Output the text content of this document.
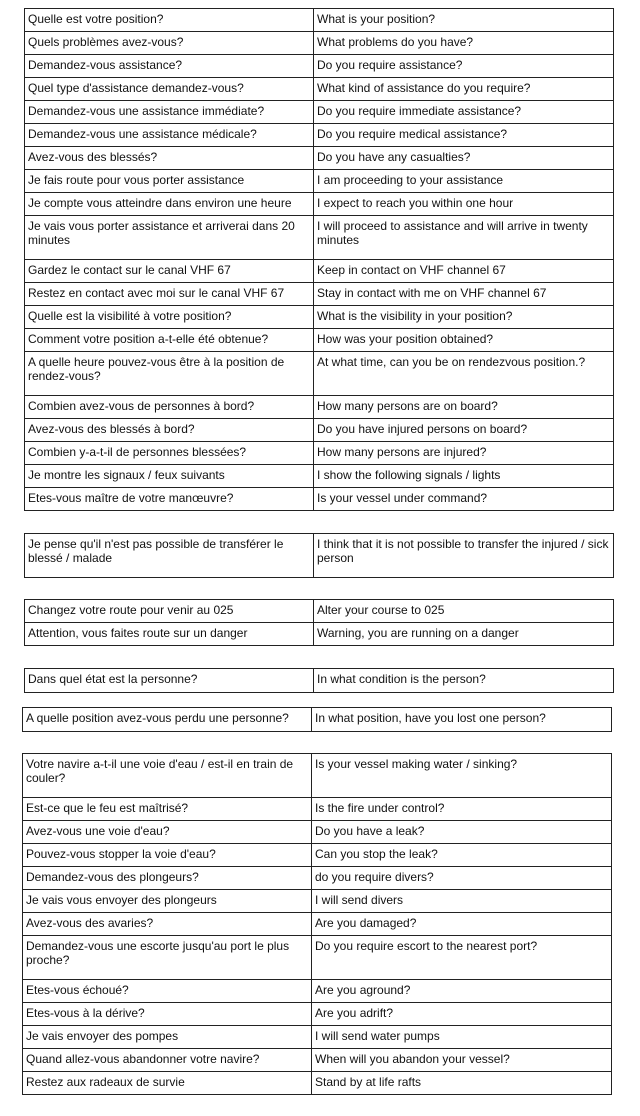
Quelle est votre position?	What is your position?
Quels problèmes avez-vous?	What problems do you have?
Demandez-vous assistance?	Do you require assistance?
Quel type d'assistance demandez-vous?	What kind of assistance do you require?
Demandez-vous une assistance immédiate?	Do you require immediate assistance?
Demandez-vous une assistance médicale?	Do you require medical assistance?
Avez-vous des blessés?	Do you have any casualties?
Je fais route pour vous porter assistance	I am proceeding to your assistance
Je compte vous atteindre dans environ une heure	I expect to reach you within one hour
Je vais vous porter assistance et arriverai dans 20 minutes	I will proceed to assistance and will arrive in twenty minutes
Gardez le contact sur le canal VHF 67	Keep in contact on VHF channel 67
Restez en contact avec moi sur le canal VHF 67	Stay in contact with me on VHF channel 67
Quelle est la visibilité à votre position?	What is the visibility in your position?
Comment votre position a-t-elle été obtenue?	How was your position obtained?
A quelle heure pouvez-vous être à la position de rendez-vous?	At what time, can you be on rendezvous position.?
Combien avez-vous de personnes à bord?	How many persons are on board?
Avez-vous des blessés à bord?	Do you have injured persons on board?
Combien y-a-t-il de personnes blessées?	How many persons are injured?
Je montre les signaux / feux suivants	I show the following signals / lights
Etes-vous maître de votre manœuvre?	Is your vessel under command?
Je pense qu'il n'est pas possible de transférer le blessé / malade	I think that it is not possible to transfer the injured / sick person
Changez votre route pour venir au 025	Alter your course to 025
Attention, vous faites route sur un danger	Warning, you are running on a danger
Dans quel état est la personne?	In what condition is the person?
A quelle position avez-vous perdu une personne?	In what position, have you lost one person?
Votre navire a-t-il une voie d'eau / est-il en train de couler?	Is your vessel making water / sinking?
Est-ce que le feu est maîtrisé?	Is the fire under control?
Avez-vous une voie d'eau?	Do you have a leak?
Pouvez-vous stopper la voie d'eau?	Can you stop the leak?
Demandez-vous des plongeurs?	do you require divers?
Je vais vous envoyer des plongeurs	I will send divers
Avez-vous des avaries?	Are you damaged?
Demandez-vous une escorte jusqu'au port le plus proche?	Do you require escort to the nearest port?
Etes-vous échoué?	Are you aground?
Etes-vous à la dérive?	Are you adrift?
Je vais envoyer des pompes	I will send water pumps
Quand allez-vous abandonner votre navire?	When will you abandon your vessel?
Restez aux radeaux de survie	Stand by at life rafts
